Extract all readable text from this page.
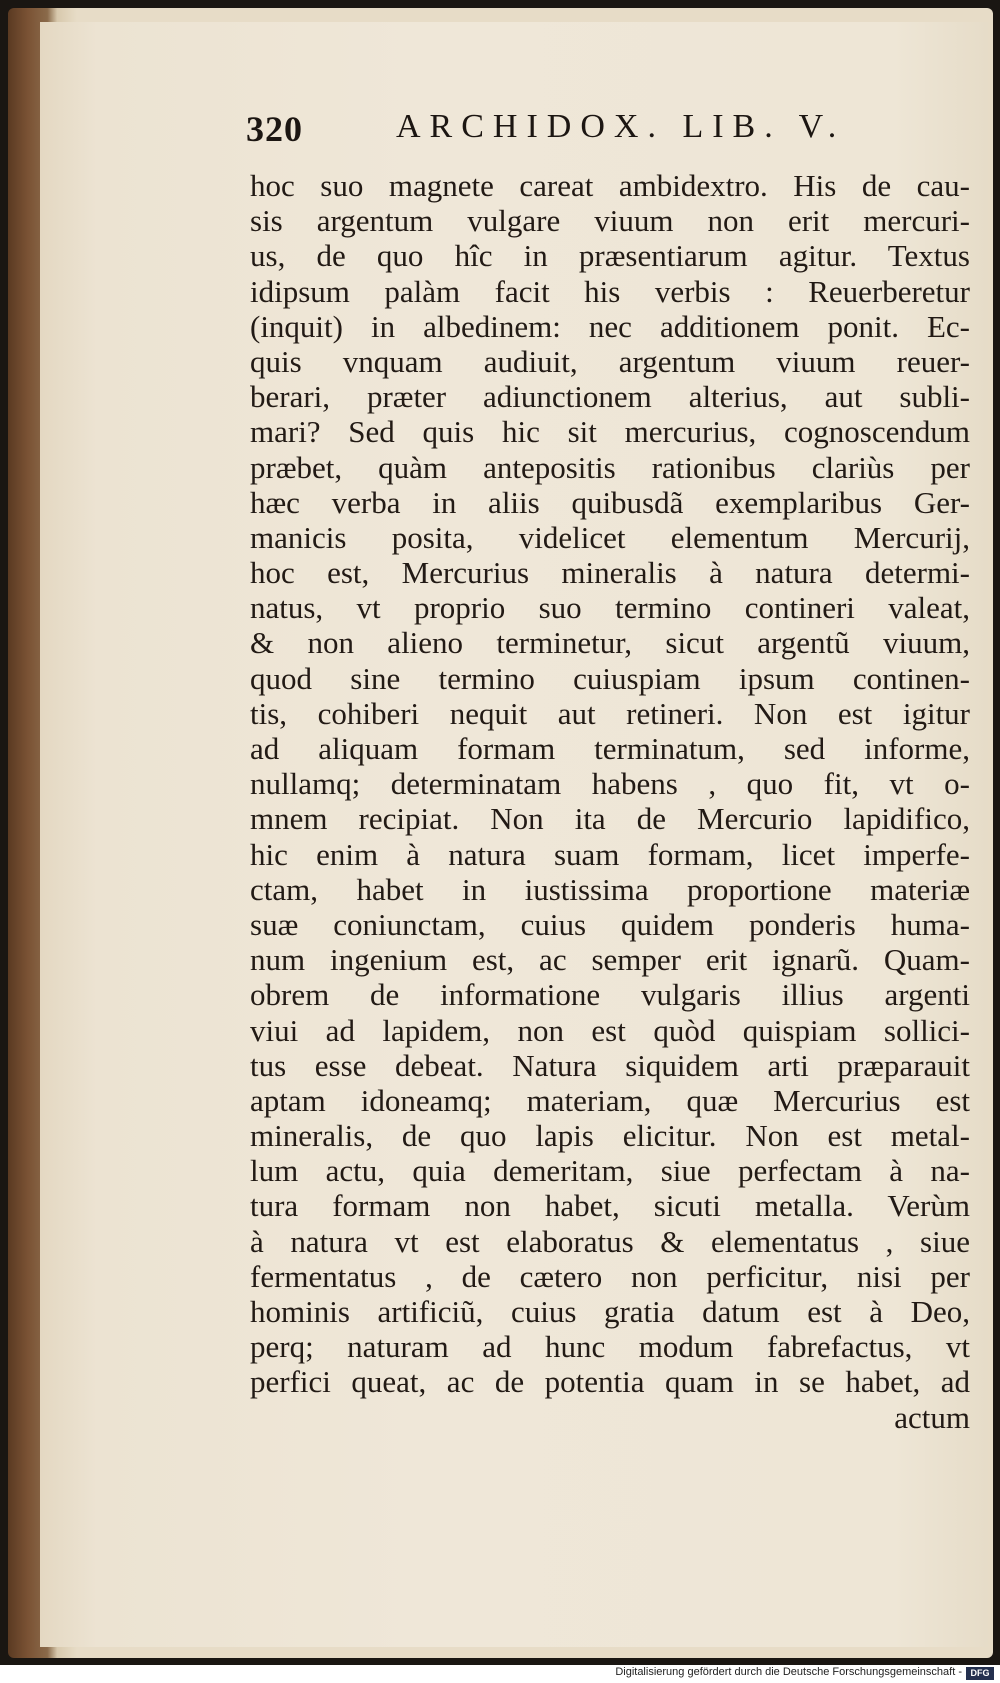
320	ARCHIDOX. LIB. V.
hoc suo magnete careat ambidextro. His de cau-
sis argentum vulgare viuum non erit mercuri-
us, de quo hîc in præsentiarum agitur. Textus
idipsum palàm facit his verbis : Reuerberetur
(inquit) in albedinem: nec additionem ponit. Ec-
quis vnquam audiuit, argentum viuum reuer-
berari, præter adiunctionem alterius, aut subli-
mari? Sed quis hic sit mercurius, cognoscendum
præbet, quàm antepositis rationibus clariùs per
hæc verba in aliis quibusdã exemplaribus Ger-
manicis posita, videlicet elementum Mercurij,
hoc est, Mercurius mineralis à natura determi-
natus, vt proprio suo termino contineri valeat,
& non alieno terminetur, sicut argentũ viuum,
quod sine termino cuiuspiam ipsum continen-
tis, cohiberi nequit aut retineri. Non est igitur
ad aliquam formam terminatum, sed informe,
nullamq; determinatam habens , quo fit, vt o-
mnem recipiat. Non ita de Mercurio lapidifico,
hic enim à natura suam formam, licet imperfe-
ctam, habet in iustissima proportione materiæ
suæ coniunctam, cuius quidem ponderis huma-
num ingenium est, ac semper erit ignarũ. Quam-
obrem de informatione vulgaris illius argenti
viui ad lapidem, non est quòd quispiam sollici-
tus esse debeat. Natura siquidem arti præparauit
aptam idoneamq; materiam, quæ Mercurius est
mineralis, de quo lapis elicitur. Non est metal-
lum actu, quia demeritam, siue perfectam à na-
tura formam non habet, sicuti metalla. Verùm
à natura vt est elaboratus & elementatus , siue
fermentatus , de cætero non perficitur, nisi per
hominis artificiũ, cuius gratia datum est à Deo,
perq; naturam ad hunc modum fabrefactus, vt
perfici queat, ac de potentia quam in se habet, ad
actum
Digitalisierung gefördert durch die Deutsche Forschungsgemeinschaft - DFG
